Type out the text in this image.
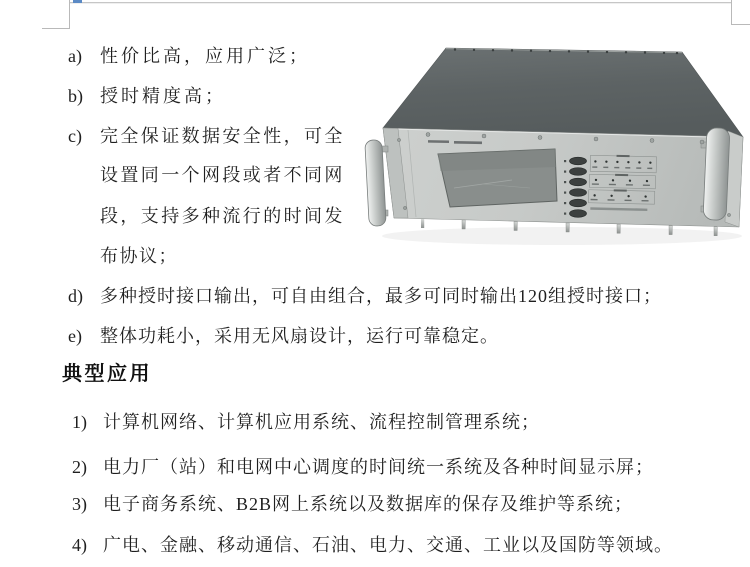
a) 性价比高，应用广泛；
b) 授时精度高；
c) 完全保证数据安全性，可全
设置同一个网段或者不同网
段，支持多种流行的时间发
布协议；
d) 多种授时接口输出，可自由组合，最多可同时输出120组授时接口；
e) 整体功耗小，采用无风扇设计，运行可靠稳定。
典型应用
1) 计算机网络、计算机应用系统、流程控制管理系统；
2) 电力厂（站）和电网中心调度的时间统一系统及各种时间显示屏；
3) 电子商务系统、B2B网上系统以及数据库的保存及维护等系统；
4) 广电、金融、移动通信、石油、电力、交通、工业以及国防等领域。
